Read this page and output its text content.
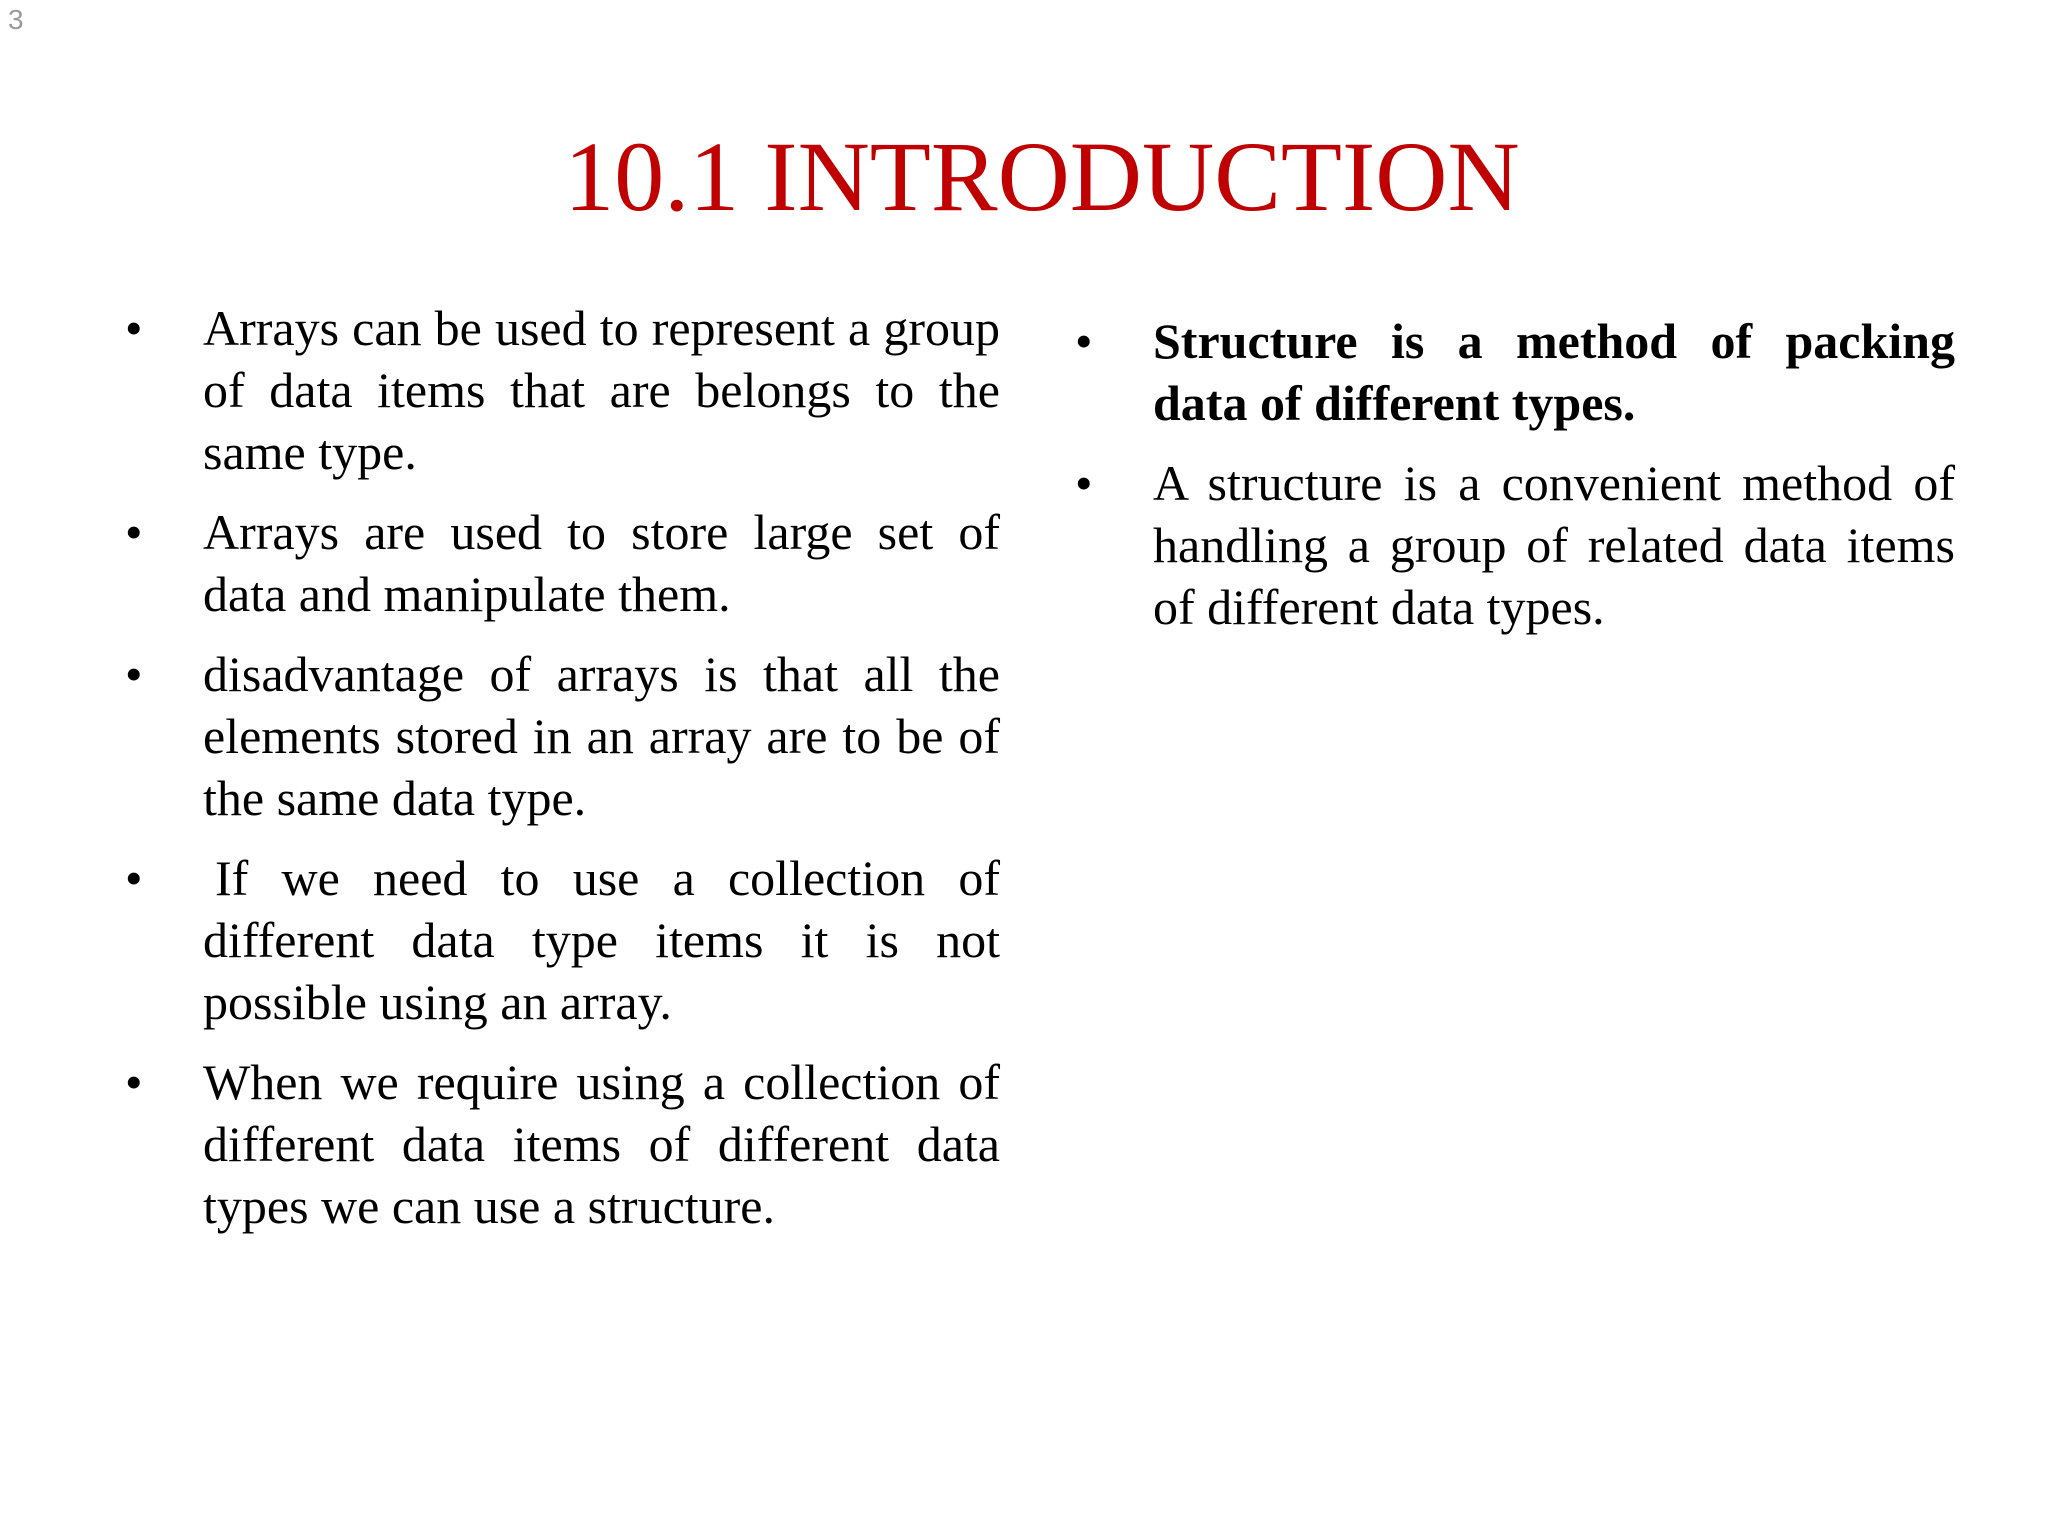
3
10.1 INTRODUCTION
• Arrays can be used to represent a group of data items that are belongs to the same type.
• Arrays are used to store large set of data and manipulate them.
• disadvantage of arrays is that all the elements stored in an array are to be of the same data type.
• If we need to use a collection of different data type items it is not possible using an array.
• When we require using a collection of different data items of different data types we can use a structure.
• Structure is a method of packing data of different types.
• A structure is a convenient method of handling a group of related data items of different data types.
